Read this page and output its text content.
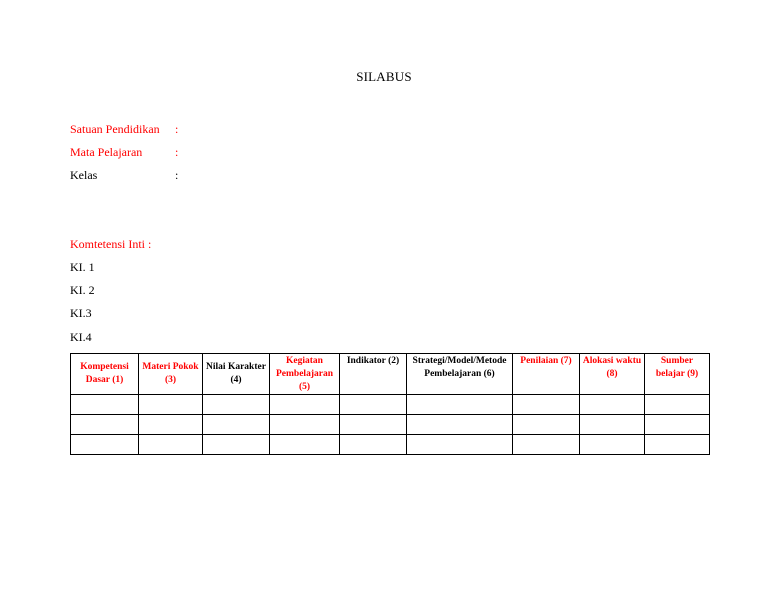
SILABUS
Satuan Pendidikan :
Mata Pelajaran	:
Kelas	:
Komtetensi Inti :
KI. 1
KI. 2
KI.3
KI.4
Kompetensi Dasar (1)	Materi Pokok (3)	Nilai Karakter (4)	Kegiatan Pembelajaran (5)	Indikator (2)	Strategi/Model/Metode Pembelajaran (6)	Penilaian (7)	Alokasi waktu (8)	Sumber belajar (9)
